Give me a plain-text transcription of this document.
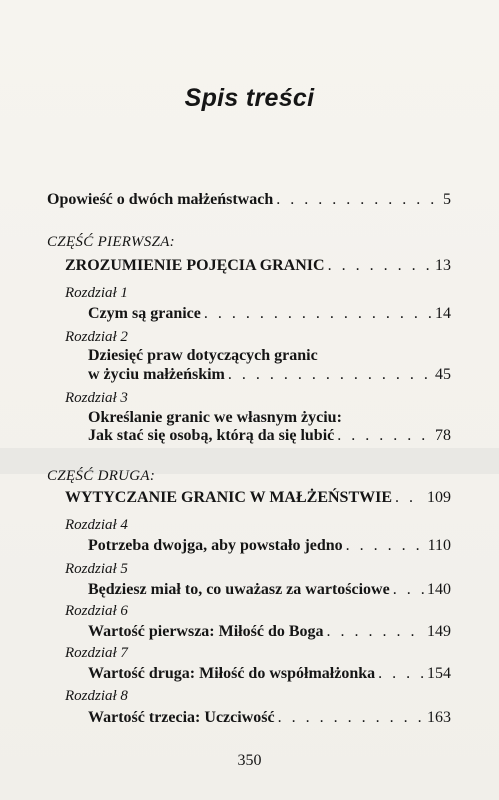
Spis treści
Opowieść o dwóch małżeństwach . . .	5
CZĘŚĆ PIERWSZA:
ZROZUMIENIE POJĘCIA GRANIC . . .	13
Rozdział 1
Czym są granice . . .	14
Rozdział 2
Dziesięć praw dotyczących granic
w życiu małżeńskim . . .	45
Rozdział 3
Określanie granic we własnym życiu:
Jak stać się osobą, którą da się lubić . . .	78
CZĘŚĆ DRUGA:
WYTYCZANIE GRANIC W MAŁŻEŃSTWIE . . . 109
Rozdział 4
Potrzeba dwojga, aby powstało jedno . . .	110
Rozdział 5
Będziesz miał to, co uważasz za wartościowe . . . 140
Rozdział 6
Wartość pierwsza: Miłość do Boga . . .	149
Rozdział 7
Wartość druga: Miłość do współmałżonka . . .	154
Rozdział 8
Wartość trzecia: Uczciwość . . .	163
350
